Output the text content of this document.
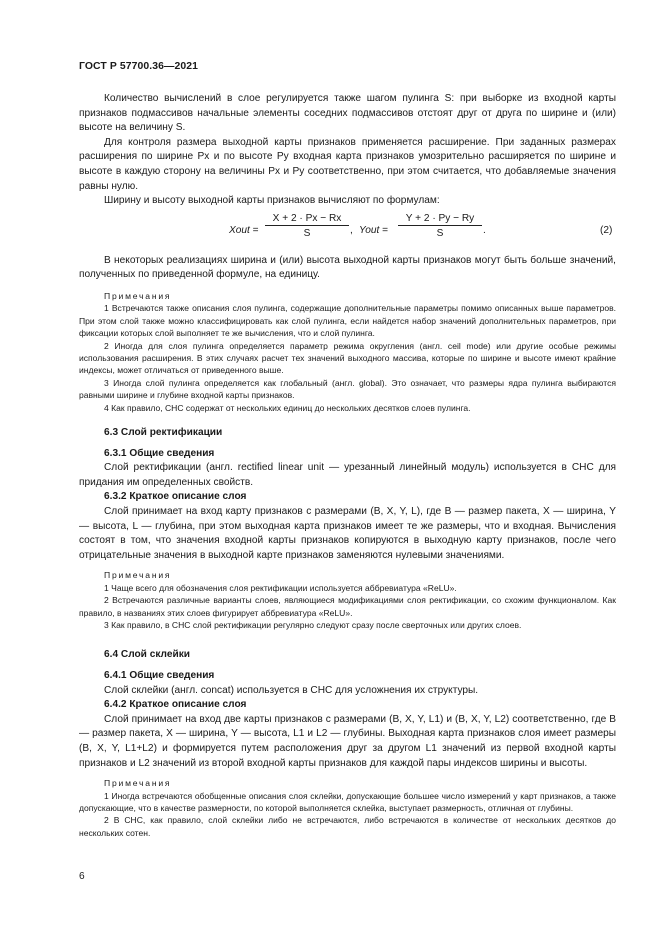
ГОСТ Р 57700.36—2021

Количество вычислений в слое регулируется также шагом пулинга S: при выборке из входной карты признаков подмассивов начальные элементы соседних подмассивов отстоят друг от друга по ширине и (или) высоте на величину S.

Для контроля размера выходной карты признаков применяется расширение. При заданных размерах расширения по ширине Px и по высоте Py входная карта признаков умозрительно расширяется по ширине и высоте в каждую сторону на величины Px и Py соответственно, при этом считается, что добавляемые значения равны нулю.

Ширину и высоту выходной карты признаков вычисляют по формулам:

Xout = $\frac{X + 2 \cdot Px - Rx}{S}$ , Yout = $\frac{Y + 2 \cdot Py - Ry}{S}$ .	(2)

В некоторых реализациях ширина и (или) высота выходной карты признаков могут быть больше значений, полученных по приведенной формуле, на единицу.

Примечания

1 Встречаются также описания слоя пулинга, содержащие дополнительные параметры помимо описанных выше параметров. При этом слой также можно классифицировать как слой пулинга, если найдется набор значений дополнительных параметров, при фиксации которых слой выполняет те же вычисления, что и слой пулинга.

2 Иногда для слоя пулинга определяется параметр режима округления (англ. ceil mode) или другие особые режимы использования расширения. В этих случаях расчет тех значений выходного массива, которые по ширине и высоте имеют крайние индексы, может отличаться от приведенного выше.

3 Иногда слой пулинга определяется как глобальный (англ. global). Это означает, что размеры ядра пулинга выбираются равными ширине и глубине входной карты признаков.

4 Как правило, СНС содержат от нескольких единиц до нескольких десятков слоев пулинга.

6.3 Слой ректификации
6.3.1 Общие сведения

Слой ректификации (англ. rectified linear unit — урезанный линейный модуль) используется в СНС для придания им определенных свойств.

6.3.2 Краткое описание слоя

Слой принимает на вход карту признаков с размерами (B, X, Y, L), где B — размер пакета, X — ширина, Y — высота, L — глубина, при этом выходная карта признаков имеет те же размеры, что и входная. Вычисления состоят в том, что значения входной карты признаков копируются в выходную карту признаков, после чего отрицательные значения в выходной карте признаков заменяются нулевыми значениями.

Примечания

1 Чаще всего для обозначения слоя ректификации используется аббревиатура «ReLU».

2 Встречаются различные варианты слоев, являющиеся модификациями слоя ректификации, со схожим функционалом. Как правило, в названиях этих слоев фигурирует аббревиатура «ReLU».

3 Как правило, в СНС слой ректификации регулярно следуют сразу после сверточных или других слоев.

6.4 Слой склейки
6.4.1 Общие сведения

Слой склейки (англ. concat) используется в СНС для усложнения их структуры.

6.4.2 Краткое описание слоя

Слой принимает на вход две карты признаков с размерами (B, X, Y, L1) и (B, X, Y, L2) соответственно, где B — размер пакета, X — ширина, Y — высота, L1 и L2 — глубины. Выходная карта признаков слоя имеет размеры (B, X, Y, L1+L2) и формируется путем расположения друг за другом L1 значений из первой входной карты признаков и L2 значений из второй входной карты признаков для каждой пары индексов ширины и высоты.

Примечания

1 Иногда встречаются обобщенные описания слоя склейки, допускающие большее число измерений у карт признаков, а также допускающие, что в качестве размерности, по которой выполняется склейка, выступает размерность, отличная от глубины.

2 В СНС, как правило, слой склейки либо не встречаются, либо встречаются в количестве от нескольких десятков до нескольких сотен.

6
